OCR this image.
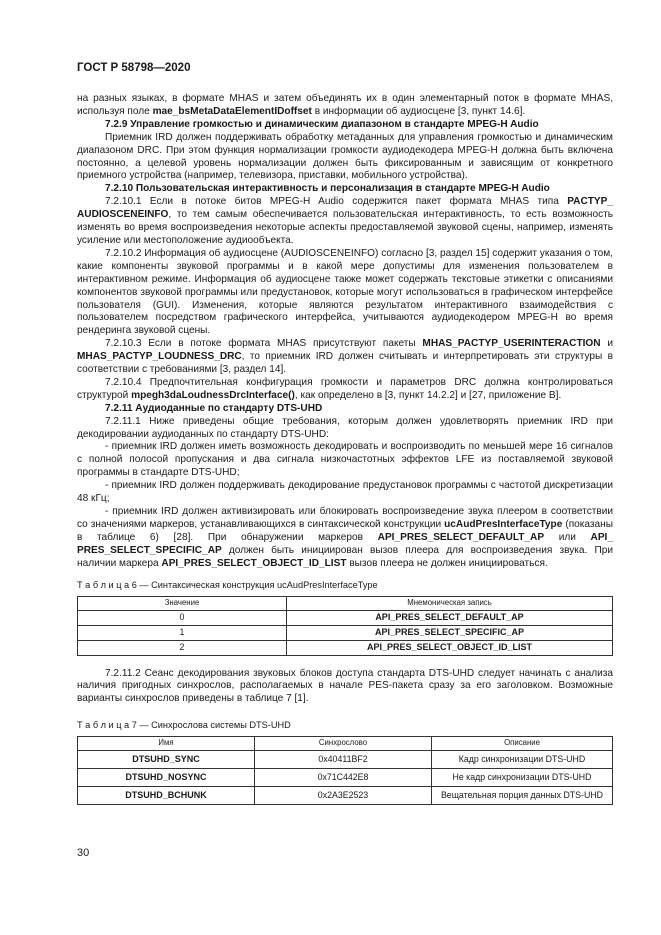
ГОСТ Р 58798—2020

на разных языках, в формате MHAS и затем объединять их в один элементарный поток в формате MHAS, используя поле mae_bsMetaDataElementIDoffset в информации об аудиосцене [3, пункт 14.6].

7.2.9 Управление громкостью и динамическим диапазоном в стандарте MPEG-H Audio

Приемник IRD должен поддерживать обработку метаданных для управления громкостью и динамическим диапазоном DRC. При этом функция нормализации громкости аудиодекодера MPEG-H должна быть включена постоянно, а целевой уровень нормализации должен быть фиксированным и зависящим от конкретного приемного устройства (например, телевизора, приставки, мобильного устройства).

7.2.10 Пользовательская интерактивность и персонализация в стандарте MPEG-H Audio

7.2.10.1 Если в потоке битов MPEG-H Audio содержится пакет формата MHAS типа PACTYP_ AUDIOSCENEINFO, то тем самым обеспечивается пользовательская интерактивность, то есть возможность изменять во время воспроизведения некоторые аспекты предоставляемой звуковой сцены, например, изменять усиление или местоположение аудиообъекта.

7.2.10.2 Информация об аудиосцене (AUDIOSCENEINFO) согласно [3, раздел 15] содержит указания о том, какие компоненты звуковой программы и в какой мере допустимы для изменения пользователем в интерактивном режиме. Информация об аудиосцене также может содержать текстовые этикетки с описаниями компонентов звуковой программы или предустановок, которые могут использоваться в графическом интерфейсе пользователя (GUI). Изменения, которые являются результатом интерактивного взаимодействия с пользователем посредством графического интерфейса, учитываются аудиодекодером MPEG-H во время рендеринга звуковой сцены.

7.2.10.3 Если в потоке формата MHAS присутствуют пакеты MHAS_PACTYP_USERINTERACTION и MHAS_PACTYP_LOUDNESS_DRC, то приемник IRD должен считывать и интерпретировать эти структуры в соответствии с требованиями [3, раздел 14].

7.2.10.4 Предпочтительная конфигурация громкости и параметров DRC должна контролироваться структурой mpegh3daLoudnessDrcInterface(), как определено в [3, пункт 14.2.2] и [27, приложение В].

7.2.11 Аудиоданные по стандарту DTS-UHD

7.2.11.1 Ниже приведены общие требования, которым должен удовлетворять приемник IRD при декодировании аудиоданных по стандарту DTS-UHD:

- приемник IRD должен иметь возможность декодировать и воспроизводить по меньшей мере 16 сигналов с полной полосой пропускания и два сигнала низкочастотных эффектов LFE из поставляемой звуковой программы в стандарте DTS-UHD;

- приемник IRD должен поддерживать декодирование предустановок программы с частотой дискретизации 48 кГц;

- приемник IRD должен активизировать или блокировать воспроизведение звука плеером в соответствии со значениями маркеров, устанавливающихся в синтаксической конструкции ucAudPresInterfaceType (показаны в таблице 6) [28]. При обнаружении маркеров API_PRES_SELECT_DEFAULT_AP или API_ PRES_SELECT_SPECIFIC_AP должен быть инициирован вызов плеера для воспроизведения звука. При наличии маркера API_PRES_SELECT_OBJECT_ID_LIST вызов плеера не должен инициироваться.

Т а б л и ц а 6 — Синтаксическая конструкция ucAudPresInterfaceType
Значение	Мнемоническая запись
0	API_PRES_SELECT_DEFAULT_AP
1	API_PRES_SELECT_SPECIFIC_AP
2	API_PRES_SELECT_OBJECT_ID_LIST

7.2.11.2 Сеанс декодирования звуковых блоков доступа стандарта DTS-UHD следует начинать с анализа наличия пригодных синхрослов, располагаемых в начале PES-пакета сразу за его заголовком. Возможные варианты синхрослов приведены в таблице 7 [1].

Т а б л и ц а 7 — Синхрослова системы DTS-UHD
Имя	Синхрослово	Описание
DTSUHD_SYNC	0x40411BF2	Кадр синхронизации DTS-UHD
DTSUHD_NOSYNC	0x71C442E8	Не кадр синхронизации DTS-UHD
DTSUHD_BCHUNK	0x2A3E2523	Вещательная порция данных DTS-UHD
30
